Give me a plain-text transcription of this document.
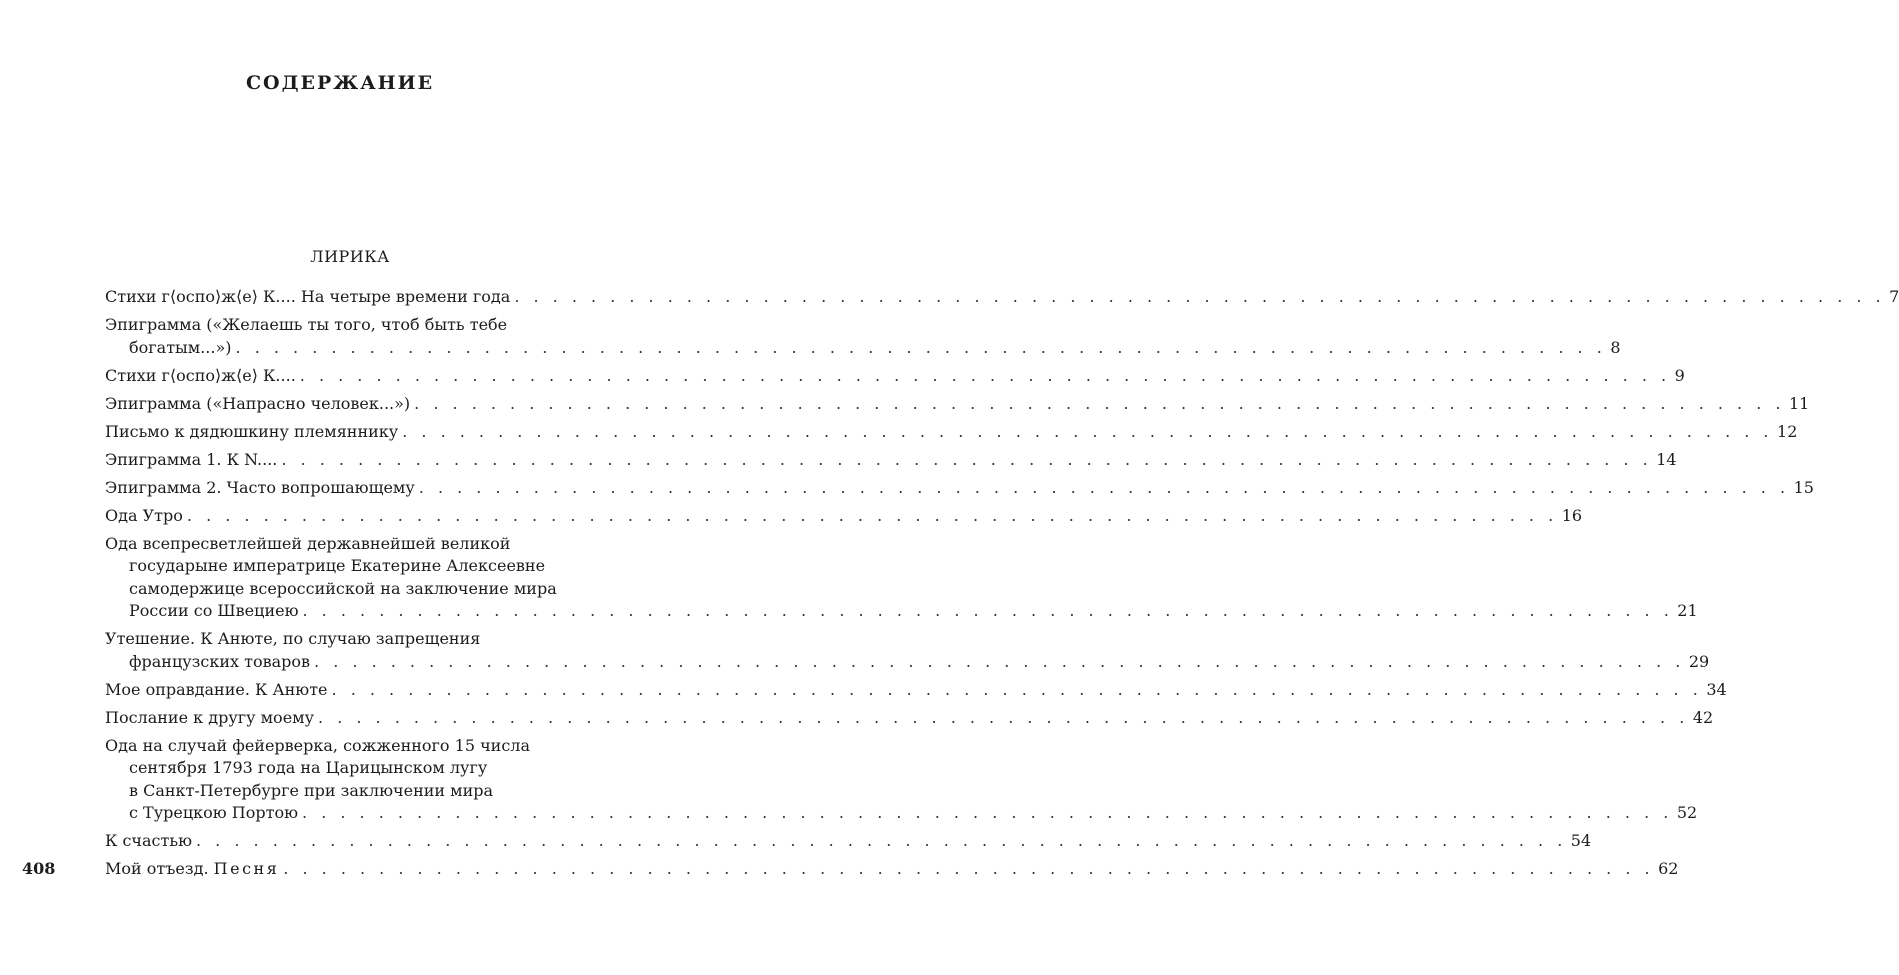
СОДЕРЖАНИЕ
ЛИРИКА
Стихи г⟨оспо⟩ж⟨е⟩ К.... На четыре времени года . . . . . . . . . . . . . . . . . . . . . . . . . . . . . . . . . . . . . . . . . . . . . . . . . . . . . . . . . . . . . . . . . . . . . . . . 7
Эпиграмма («Желаешь ты того, чтоб быть тебе
богатым...») . . . . . . . . . . . . . . . . . . . . . . . . . . . . . . . . . . . . . . . . . . . . . . . . . . . . . . . . . . . . . . . . . . . . . . . . 8
Стихи г⟨оспо⟩ж⟨е⟩ К.... . . . . . . . . . . . . . . . . . . . . . . . . . . . . . . . . . . . . . . . . . . . . . . . . . . . . . . . . . . . . . . . . . . . . . . . . 9
Эпиграмма («Напрасно человек...») . . . . . . . . . . . . . . . . . . . . . . . . . . . . . . . . . . . . . . . . . . . . . . . . . . . . . . . . . . . . . . . . . . . . . . . . 11
Письмо к дядюшкину племяннику . . . . . . . . . . . . . . . . . . . . . . . . . . . . . . . . . . . . . . . . . . . . . . . . . . . . . . . . . . . . . . . . . . . . . . . . 12
Эпиграмма 1. К N.... . . . . . . . . . . . . . . . . . . . . . . . . . . . . . . . . . . . . . . . . . . . . . . . . . . . . . . . . . . . . . . . . . . . . . . . . 14
Эпиграмма 2. Часто вопрошающему . . . . . . . . . . . . . . . . . . . . . . . . . . . . . . . . . . . . . . . . . . . . . . . . . . . . . . . . . . . . . . . . . . . . . . . . 15
Ода Утро . . . . . . . . . . . . . . . . . . . . . . . . . . . . . . . . . . . . . . . . . . . . . . . . . . . . . . . . . . . . . . . . . . . . . . . . 16
Ода всепресветлейшей державнейшей великой
государыне императрице Екатерине Алексеевне
самодержице всероссийской на заключение мира
России со Швециею . . . . . . . . . . . . . . . . . . . . . . . . . . . . . . . . . . . . . . . . . . . . . . . . . . . . . . . . . . . . . . . . . . . . . . . . 21
Утешение. К Анюте, по случаю запрещения
французских товаров . . . . . . . . . . . . . . . . . . . . . . . . . . . . . . . . . . . . . . . . . . . . . . . . . . . . . . . . . . . . . . . . . . . . . . . . 29
Мое оправдание. К Анюте . . . . . . . . . . . . . . . . . . . . . . . . . . . . . . . . . . . . . . . . . . . . . . . . . . . . . . . . . . . . . . . . . . . . . . . . 34
Послание к другу моему . . . . . . . . . . . . . . . . . . . . . . . . . . . . . . . . . . . . . . . . . . . . . . . . . . . . . . . . . . . . . . . . . . . . . . . . 42
Ода на случай фейерверка, сожженного 15 числа
сентября 1793 года на Царицынском лугу
в Санкт-Петербурге при заключении мира
с Турецкою Портою . . . . . . . . . . . . . . . . . . . . . . . . . . . . . . . . . . . . . . . . . . . . . . . . . . . . . . . . . . . . . . . . . . . . . . . . 52
К счастью . . . . . . . . . . . . . . . . . . . . . . . . . . . . . . . . . . . . . . . . . . . . . . . . . . . . . . . . . . . . . . . . . . . . . . . . 54
Мой отъезд. Песня . . . . . . . . . . . . . . . . . . . . . . . . . . . . . . . . . . . . . . . . . . . . . . . . . . . . . . . . . . . . . . . . . . . . . . . . 62
408
